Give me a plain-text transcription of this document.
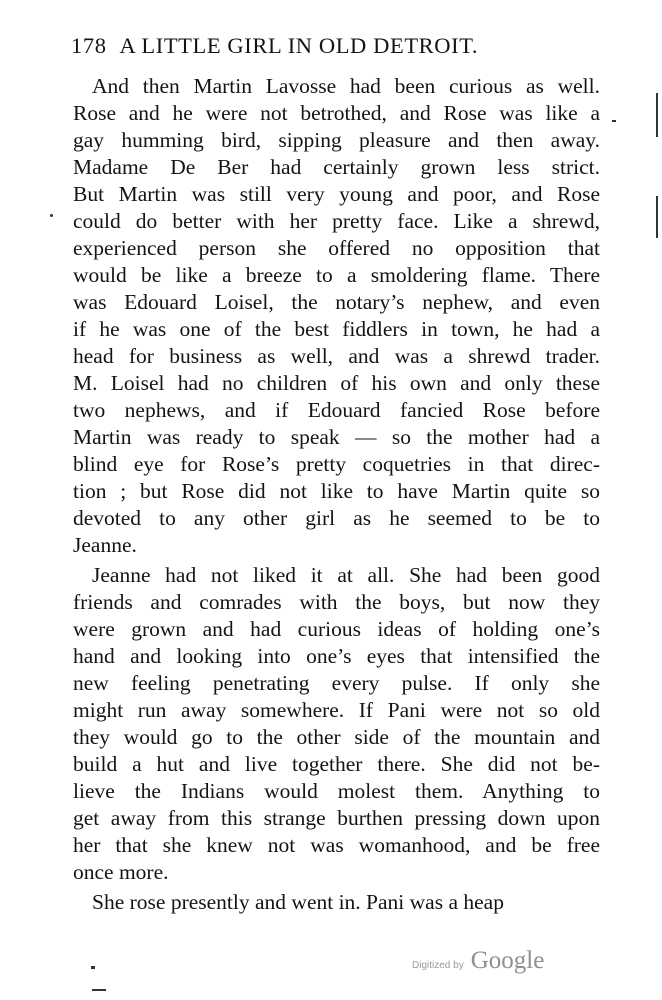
178 A LITTLE GIRL IN OLD DETROIT.
And then Martin Lavosse had been curious as well.
Rose and he were not betrothed, and Rose was like a
gay humming bird, sipping pleasure and then away.
Madame De Ber had certainly grown less strict.
But Martin was still very young and poor, and Rose
could do better with her pretty face. Like a shrewd,
experienced person she offered no opposition that
would be like a breeze to a smoldering flame. There
was Edouard Loisel, the notary’s nephew, and even
if he was one of the best fiddlers in town, he had a
head for business as well, and was a shrewd trader.
M. Loisel had no children of his own and only these
two nephews, and if Edouard fancied Rose before
Martin was ready to speak — so the mother had a
blind eye for Rose’s pretty coquetries in that direc-
tion ; but Rose did not like to have Martin quite so
devoted to any other girl as he seemed to be to
Jeanne.
Jeanne had not liked it at all. She had been good
friends and comrades with the boys, but now they
were grown and had curious ideas of holding one’s
hand and looking into one’s eyes that intensified the
new feeling penetrating every pulse. If only she
might run away somewhere. If Pani were not so old
they would go to the other side of the mountain and
build a hut and live together there. She did not be-
lieve the Indians would molest them. Anything to
get away from this strange burthen pressing down upon
her that she knew not was womanhood, and be free
once more.
She rose presently and went in. Pani was a heap
Digitized by Google
